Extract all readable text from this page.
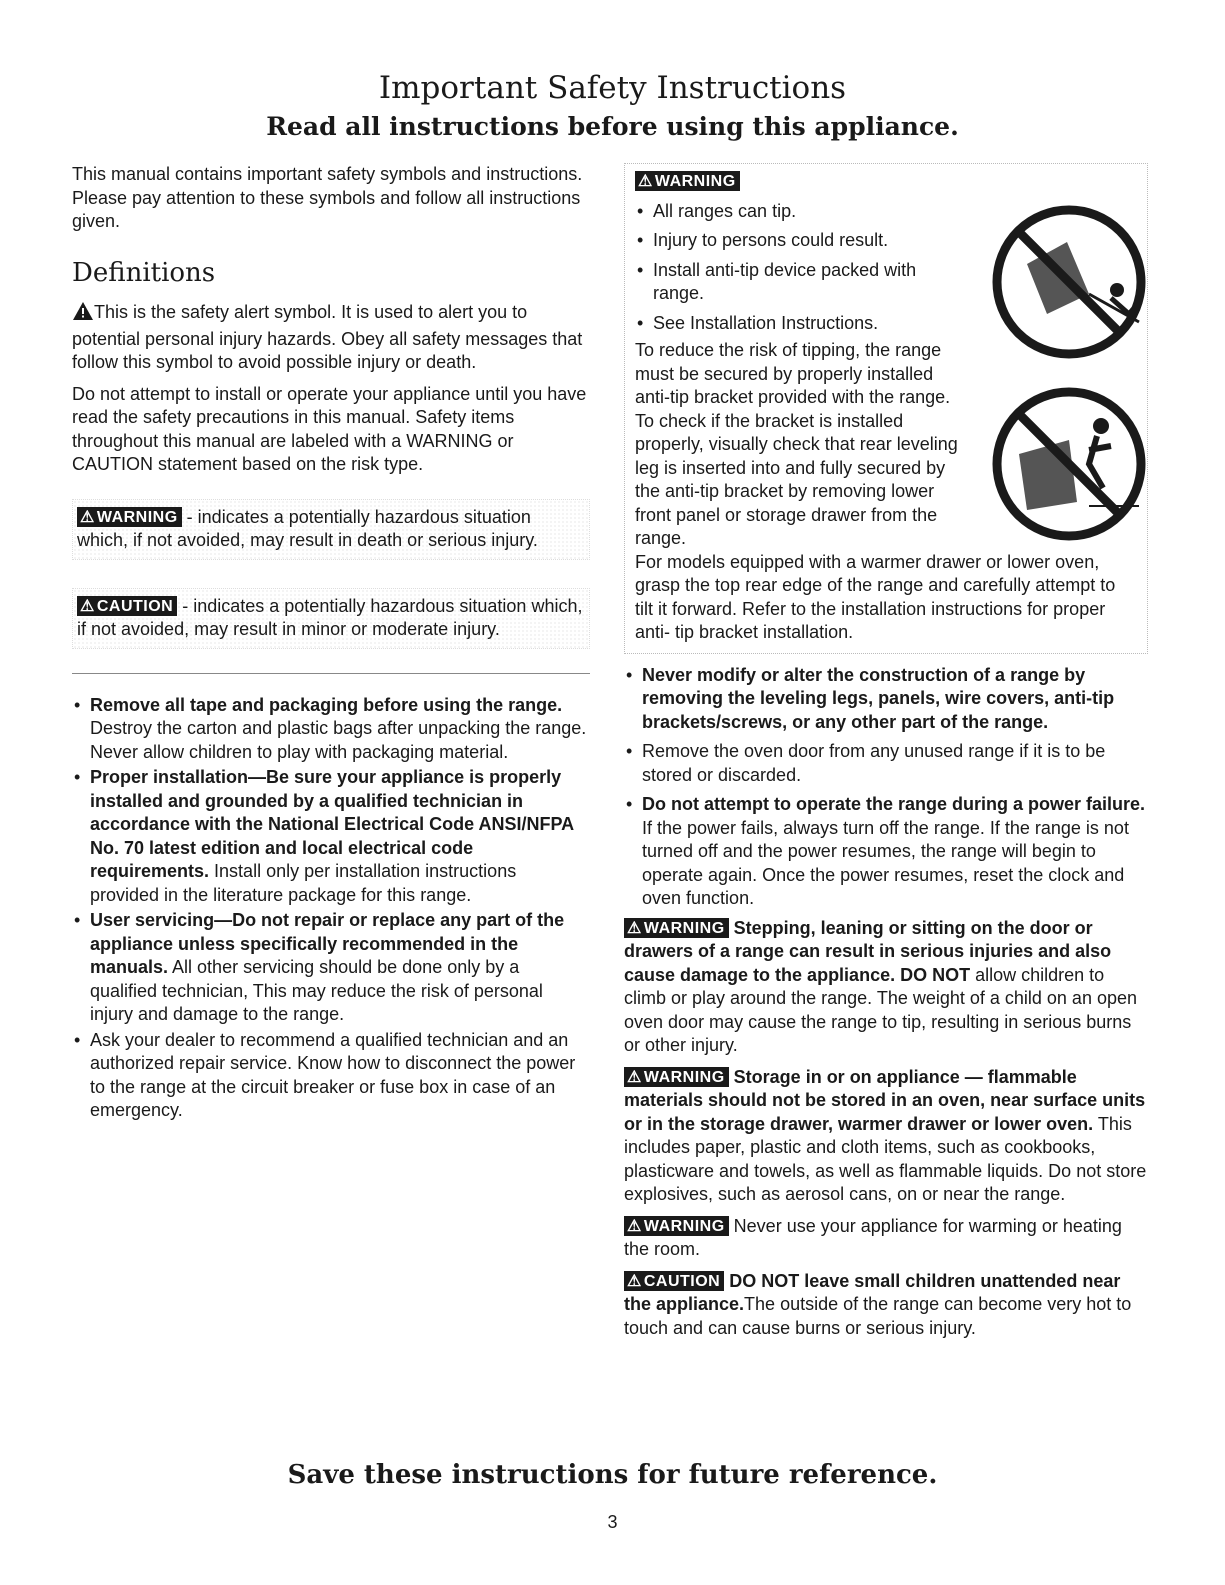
Important Safety Instructions
Read all instructions before using this appliance.

This manual contains important safety symbols and instructions. Please pay attention to these symbols and follow all instructions given.

Definitions

This is the safety alert symbol. It is used to alert you to potential personal injury hazards. Obey all safety messages that follow this symbol to avoid possible injury or death.

Do not attempt to install or operate your appliance until you have read the safety precautions in this manual. Safety items throughout this manual are labeled with a WARNING or CAUTION statement based on the risk type.

⚠ WARNING - indicates a potentially hazardous situation which, if not avoided, may result in death or serious injury.
⚠ CAUTION - indicates a potentially hazardous situation which, if not avoided, may result in minor or moderate injury.
• Remove all tape and packaging before using the range. Destroy the carton and plastic bags after unpacking the range. Never allow children to play with packaging material.
• Proper installation—Be sure your appliance is properly installed and grounded by a qualified technician in accordance with the National Electrical Code ANSI/NFPA No. 70 latest edition and local electrical code requirements. Install only per installation instructions provided in the literature package for this range.
• User servicing—Do not repair or replace any part of the appliance unless specifically recommended in the manuals. All other servicing should be done only by a qualified technician, This may reduce the risk of personal injury and damage to the range.
• Ask your dealer to recommend a qualified technician and an authorized repair service. Know how to disconnect the power to the range at the circuit breaker or fuse box in case of an emergency.
⚠ WARNING
• All ranges can tip.
• Injury to persons could result.
• Install anti-tip device packed with range.
• See Installation Instructions.

To reduce the risk of tipping, the range must be secured by properly installed anti-tip bracket provided with the range. To check if the bracket is installed properly, visually check that rear leveling leg is inserted into and fully secured by the anti-tip bracket by removing lower front panel or storage drawer from the range.

For models equipped with a warmer drawer or lower oven, grasp the top rear edge of the range and carefully attempt to tilt it forward. Refer to the installation instructions for proper anti- tip bracket installation.

• Never modify or alter the construction of a range by removing the leveling legs, panels, wire covers, anti-tip brackets/screws, or any other part of the range.
• Remove the oven door from any unused range if it is to be stored or discarded.
• Do not attempt to operate the range during a power failure. If the power fails, always turn off the range. If the range is not turned off and the power resumes, the range will begin to operate again. Once the power resumes, reset the clock and oven function.

⚠ WARNING Stepping, leaning or sitting on the door or drawers of a range can result in serious injuries and also cause damage to the appliance. DO NOT allow children to climb or play around the range. The weight of a child on an open oven door may cause the range to tip, resulting in serious burns or other injury.

⚠ WARNING Storage in or on appliance — flammable materials should not be stored in an oven, near surface units or in the storage drawer, warmer drawer or lower oven. This includes paper, plastic and cloth items, such as cookbooks, plasticware and towels, as well as flammable liquids. Do not store explosives, such as aerosol cans, on or near the range.

⚠ WARNING Never use your appliance for warming or heating the room.

⚠ CAUTION DO NOT leave small children unattended near the appliance.The outside of the range can become very hot to touch and can cause burns or serious injury.

Save these instructions for future reference.
3
